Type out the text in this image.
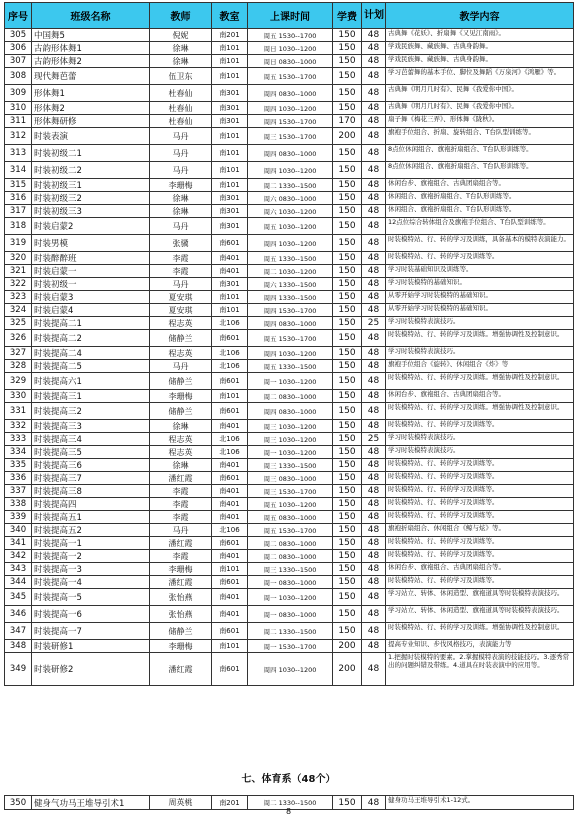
序号	班级名称	教师	教室	上课时间	学费	计划	教学内容
305	中国舞5	倪妮	南201	周五 1530--1700	150	48	古典舞《花妖》、折扇舞《又见江南雨》。
306	古韵形体舞1	徐琳	南101	周日 1030--1200	150	48	学戏民族舞、藏族舞、古典身韵舞。
307	古韵形体舞2	徐琳	南101	周日 0830--1000	150	48	学戏民族舞、藏族舞、古典身韵舞。
308	现代舞芭蕾	伍卫东	南101	周五 1530--1700	150	48	学习芭蕾舞的基本手位、脚位及舞蹈《万泉河》《鸿雁》等。
309	形体舞1	杜春仙	南301	周四 0830--1000	150	48	古典舞《明月几时有》、民舞《我爱你中国》。
310	形体舞2	杜春仙	南301	周四 1030--1200	150	48	古典舞《明月几时有》、民舞《我爱你中国》。
311	形体舞研修	杜春仙	南301	周四 1530--1700	170	48	扇子舞《梅花三弄》、形体舞《陇秋》。
312	时装表演	马丹	南101	周三 1530--1700	200	48	旗袍手位组合、折扇、旋转组合、T台队型训练等。
313	时装初级二1	马丹	南101	周四 0830--1000	150	48	8点位休闲组合、旗袍折扇组合、T台队形训练等。
314	时装初级二2	马丹	南101	周四 1030--1200	150	48	8点位休闲组合、旗袍折扇组合、T台队形训练等。
315	时装初级三1	李珊梅	南101	周二 1330--1500	150	48	休闲台步、旗袍组合、古典团扇组合等。
316	时装初级三2	徐琳	南301	周六 0830--1000	150	48	休闲组合、旗袍折扇组合、T台队形训练等。
317	时装初级三3	徐琳	南301	周六 1030--1200	150	48	休闲组合、旗袍折扇组合、T台队形训练等。
318	时装启蒙2	马丹	南301	周五 1030--1200	150	48	12点位综合转体组合及旗袍手位组合、T台队型训练等。
319	时装男模	张骥	南601	周四 1030--1200	150	48	时装模特站、行、转的学习及训练，具备基本的模特表演能力。
320	时装醉醉班	李霞	南401	周五 1330--1500	150	48	时装模特站、行、转的学习及训练等。
321	时装启蒙一	李霞	南401	周二 1030--1200	150	48	学习时装基础知识及训练等。
322	时装初级一	马丹	南301	周六 1330--1500	150	48	学习时装模特的基础知识。
323	时装启蒙3	夏安琪	南101	周四 1330--1500	150	48	从零开始学习时装模特的基础知识。
324	时装启蒙4	夏安琪	南101	周四 1530--1700	150	48	从零开始学习时装模特的基础知识。
325	时装提高二1	程志英	北106	周四 0830--1000	150	25	学习时装模特表演技巧。
326	时装提高二2	储静兰	南601	周五 1530--1700	150	48	时装模特站、行、转的学习及训练。增强协调性及控制意识。
327	时装提高二4	程志英	北106	周四 1030--1200	150	48	学习时装模特表演技巧。
328	时装提高二5	马丹	北106	周五 1330--1500	150	48	旗袍手位组合《旋转》、休闲组合《炸》等
329	时装提高六1	储静兰	南601	周一 1030--1200	150	48	时装模特站、行、转的学习及训练。增强协调性及控制意识。
330	时装提高三1	李珊梅	南101	周二 0830--1000	150	48	休闲台步、旗袍组合、古典团扇组合等。
331	时装提高三2	储静兰	南601	周四 0830--1000	150	48	时装模特站、行、转的学习及训练。增强协调性及控制意识。
332	时装提高三3	徐琳	南401	周三 1030--1200	150	48	时装模特站、行、转的学习及训练等。
333	时装提高三4	程志英	北106	周三 1030--1200	150	25	学习时装模特表演技巧。
334	时装提高三5	程志英	北106	周一 1030--1200	150	48	学习时装模特表演技巧。
335	时装提高三6	徐琳	南401	周三 1330--1500	150	48	时装模特站、行、转的学习及训练等。
336	时装提高三7	潘红霞	南601	周三 0830--1000	150	48	时装模特站、行、转的学习及训练等。
337	时装提高三8	李霞	南401	周三 1530--1700	150	48	时装模特站、行、转的学习及训练等。
338	时装提高四	李霞	南401	周五 1030--1200	150	48	时装模特站、行、转的学习及训练等。
339	时装提高五1	李霞	南401	周五 0830--1000	150	48	时装模特站、行、转的学习及训练等。
340	时装提高五2	马丹	北106	周五 1530--1700	150	48	旗袍折扇组合、休闲组合《鲸与炫》等。
341	时装提高一1	潘红霞	南601	周二 0830--1000	150	48	时装模特站、行、转的学习及训练等。
342	时装提高一2	李霞	南401	周二 0830--1000	150	48	时装模特站、行、转的学习及训练等。
343	时装提高一3	李珊梅	南101	周三 1330--1500	150	48	休闲台步、旗袍组合、古典团扇组合等。
344	时装提高一4	潘红霞	南601	周一 0830--1000	150	48	时装模特站、行、转的学习及训练等。
345	时装提高一5	张怡燕	南401	周一 1030--1200	150	48	学习站立、转体、休闲造型、旗袍道具等时装模特表演技巧。
346	时装提高一6	张怡燕	南401	周一 0830--1000	150	48	学习站立、转体、休闲造型、旗袍道具等时装模特表演技巧。
347	时装提高一7	储静兰	南601	周二 1330--1500	150	48	时装模特站、行、转的学习及训练。增强协调性及控制意识。
348	时装研修1	李珊梅	南101	周一 1530--1700	200	48	提高专业知识、步伐风格技巧，表演能力等
349	时装研修2	潘红霞	南601	周四 1030--1200	200	48	1.把握时装模特的要素。2.掌握模特表演的技能技巧。3.逐秀常出的问题纠错及带练。4.道具在时装表演中的应用等。
七、体育系（48个）
350	健身气功马王堆导引术1	周英桃	南201	周二 1330--1500	150	48	健身功马王堆导引术1-12式。
8
